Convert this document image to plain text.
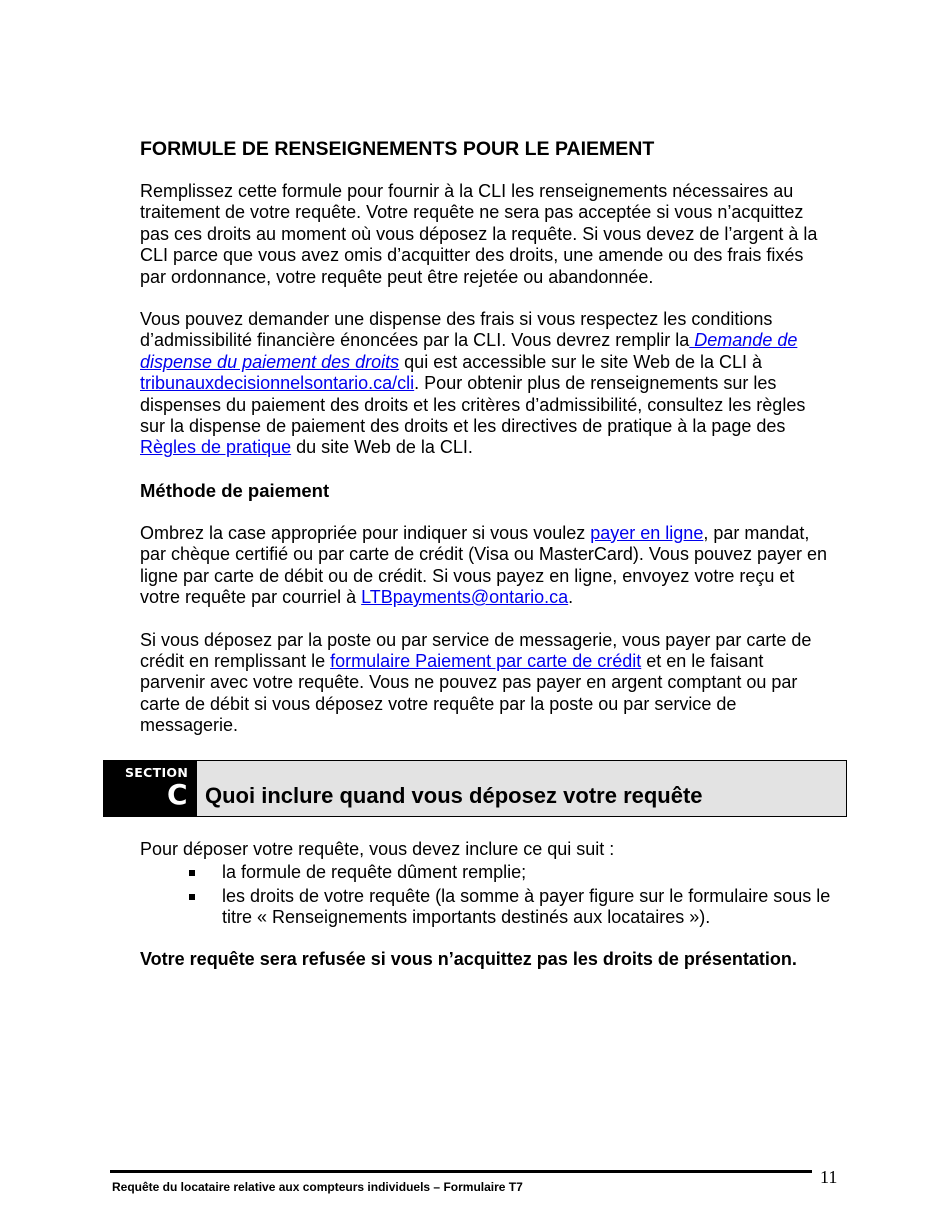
FORMULE DE RENSEIGNEMENTS POUR LE PAIEMENT

Remplissez cette formule pour fournir à la CLI les renseignements nécessaires au traitement de votre requête. Votre requête ne sera pas acceptée si vous n’acquittez pas ces droits au moment où vous déposez la requête. Si vous devez de l’argent à la CLI parce que vous avez omis d’acquitter des droits, une amende ou des frais fixés par ordonnance, votre requête peut être rejetée ou abandonnée.

Vous pouvez demander une dispense des frais si vous respectez les conditions d’admissibilité financière énoncées par la CLI. Vous devrez remplir la Demande de dispense du paiement des droits qui est accessible sur le site Web de la CLI à tribunauxdecisionnelsontario.ca/cli. Pour obtenir plus de renseignements sur les dispenses du paiement des droits et les critères d’admissibilité, consultez les règles sur la dispense de paiement des droits et les directives de pratique à la page des Règles de pratique du site Web de la CLI.

Méthode de paiement

Ombrez la case appropriée pour indiquer si vous voulez payer en ligne, par mandat, par chèque certifié ou par carte de crédit (Visa ou MasterCard). Vous pouvez payer en ligne par carte de débit ou de crédit. Si vous payez en ligne, envoyez votre reçu et votre requête par courriel à LTBpayments@ontario.ca.

Si vous déposez par la poste ou par service de messagerie, vous payer par carte de crédit en remplissant le formulaire Paiement par carte de crédit et en le faisant parvenir avec votre requête. Vous ne pouvez pas payer en argent comptant ou par carte de débit si vous déposez votre requête par la poste ou par service de messagerie.

SECTION
C Quoi inclure quand vous déposez votre requête

Pour déposer votre requête, vous devez inclure ce qui suit :

la formule de requête dûment remplie;
les droits de votre requête (la somme à payer figure sur le formulaire sous le titre « Renseignements importants destinés aux locataires »).

Votre requête sera refusée si vous n’acquittez pas les droits de présentation.

11
Requête du locataire relative aux compteurs individuels – Formulaire T7
